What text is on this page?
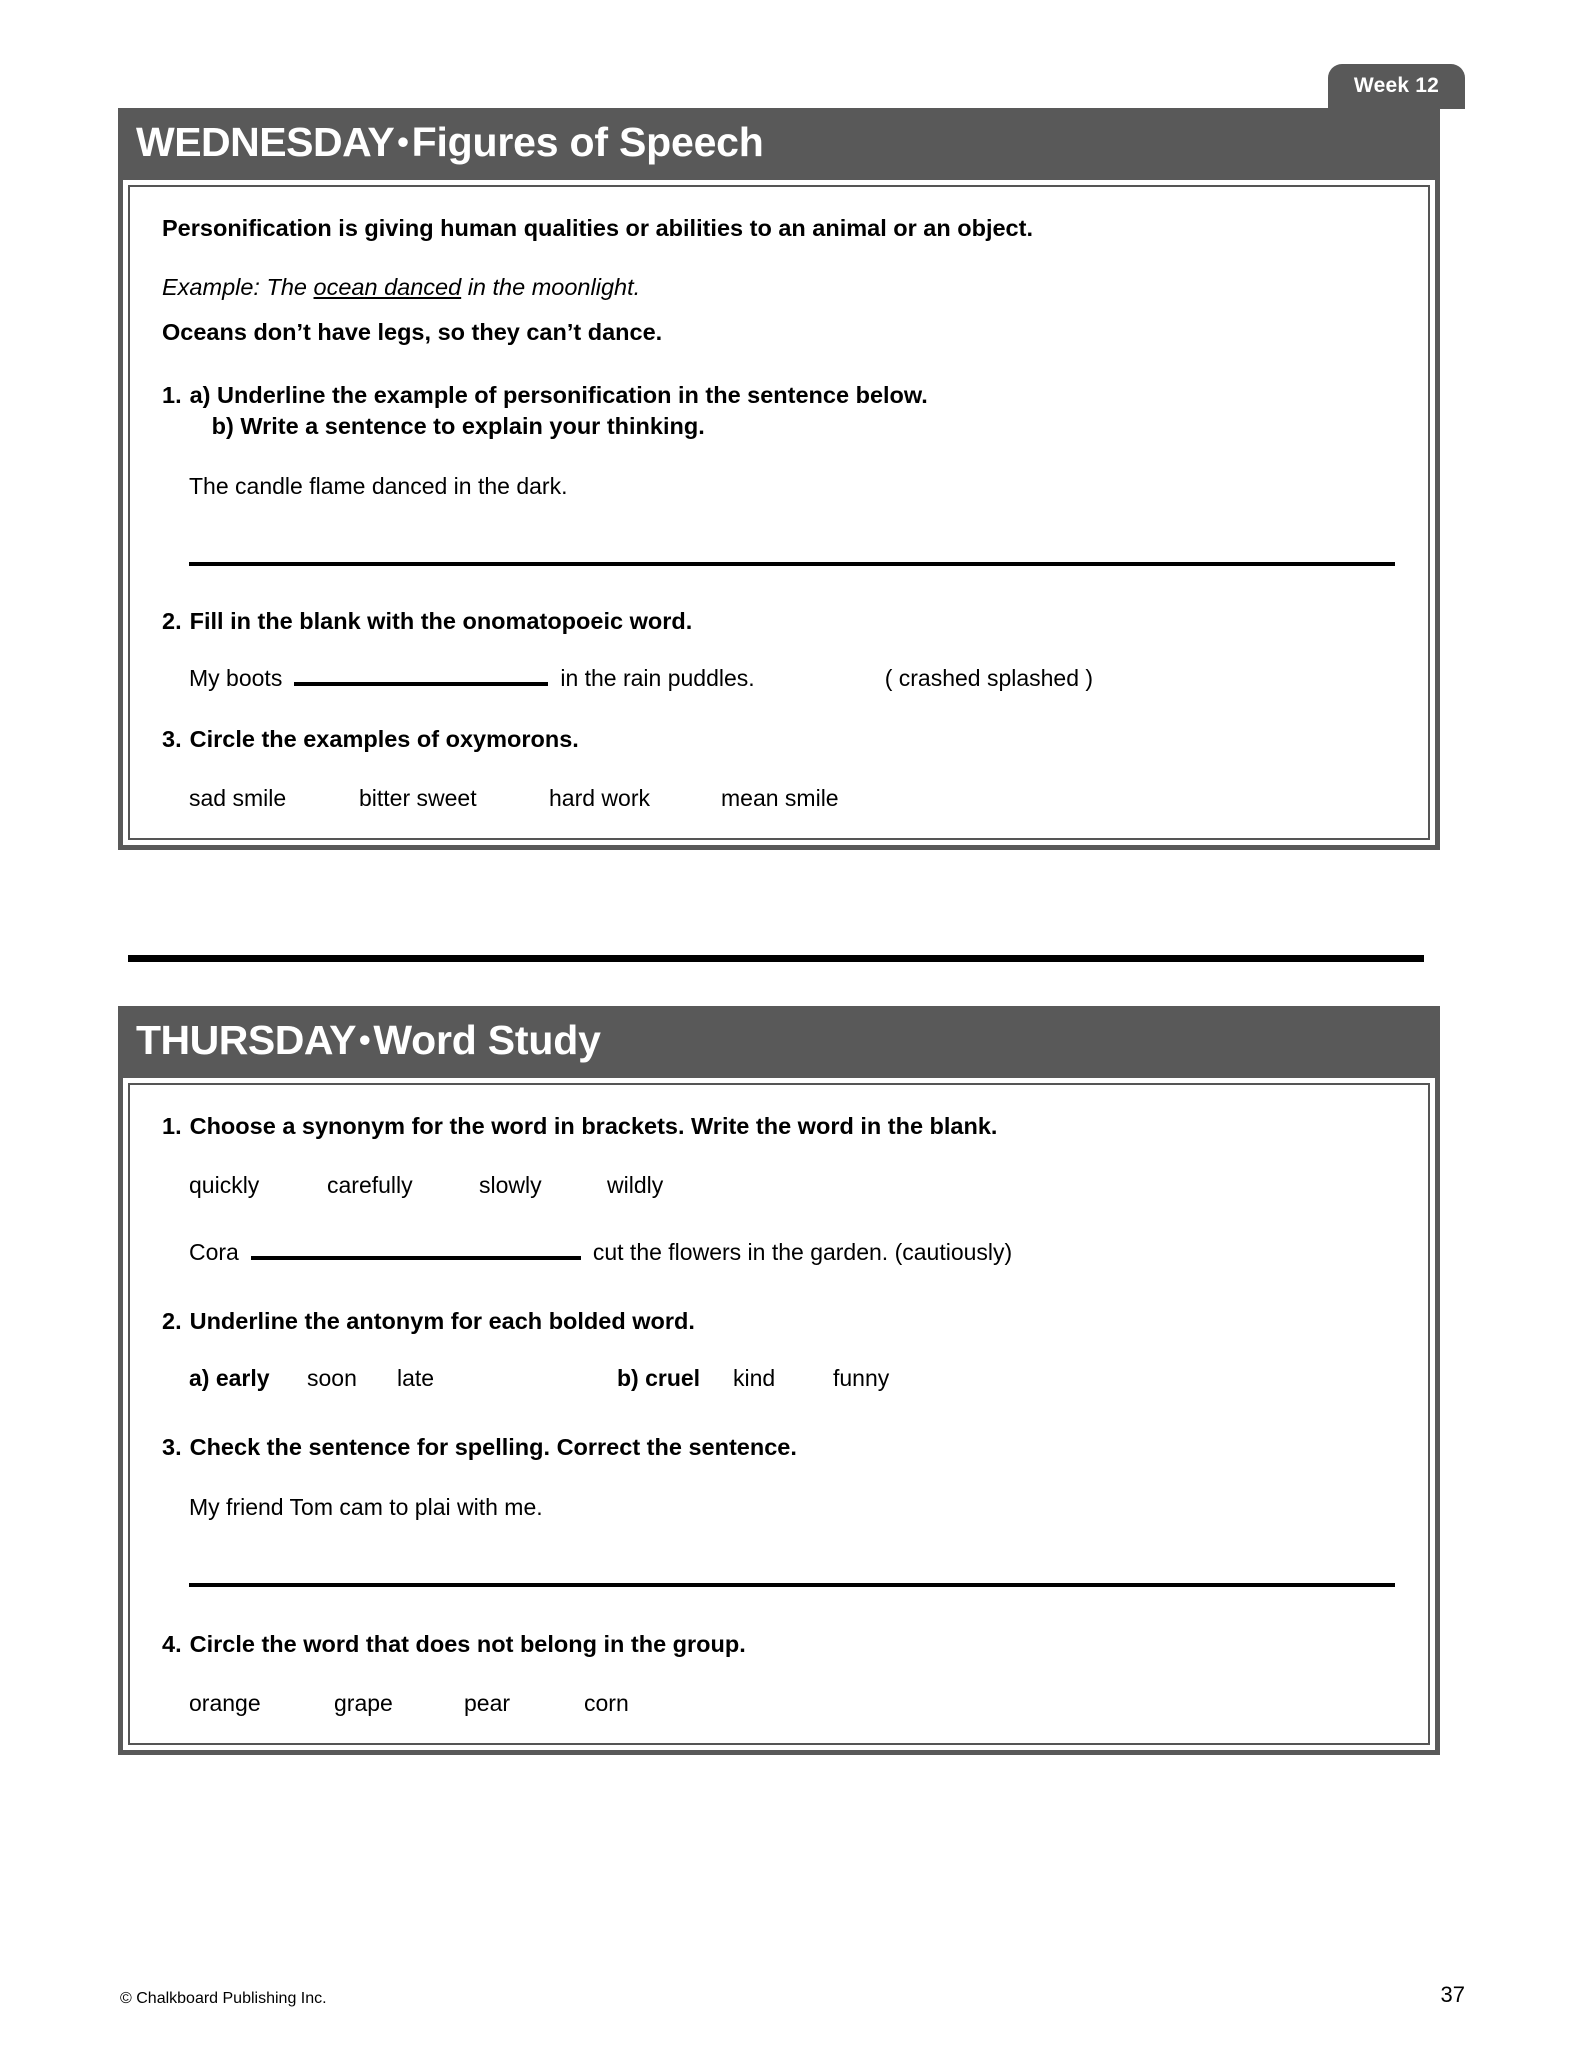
Week 12
WEDNESDAY•Figures of Speech
Personification is giving human qualities or abilities to an animal or an object.
Example: The ocean danced in the moonlight.
Oceans don’t have legs, so they can’t dance.
1. a) Underline the example of personification in the sentence below.
b) Write a sentence to explain your thinking.
The candle flame danced in the dark.
2. Fill in the blank with the onomatopoeic word.
My boots	in the rain puddles.	( crashed splashed )
3. Circle the examples of oxymorons.
sad smile	bitter sweet	hard work	mean smile
THURSDAY•Word Study
1. Choose a synonym for the word in brackets. Write the word in the blank.
quickly	carefully	slowly	wildly
Cora	cut the flowers in the garden. (cautiously)
2. Underline the antonym for each bolded word.
a) early	soon	late	b) cruel	kind	funny
3. Check the sentence for spelling. Correct the sentence.
My friend Tom cam to plai with me.
4. Circle the word that does not belong in the group.
orange	grape	pear	corn
© Chalkboard Publishing Inc.	37
